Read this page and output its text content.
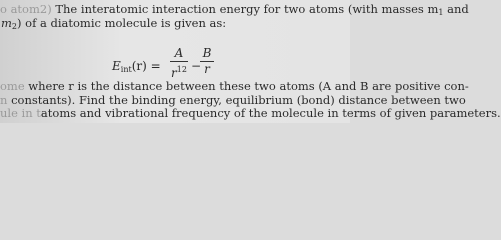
o atom2) The interatomic interaction energy for two atoms (with masses $m_1$ and
$m_2$) of a diatomic molecule is given as:
$E_{int}(r)$ =
A
$r^{12}$ −
B
r
ome where r is the distance between these two atoms (A and B are positive con-
n constants). Find the binding energy, equilibrium (bond) distance between two
ule in tatoms and vibrational frequency of the molecule in terms of given parameters.
